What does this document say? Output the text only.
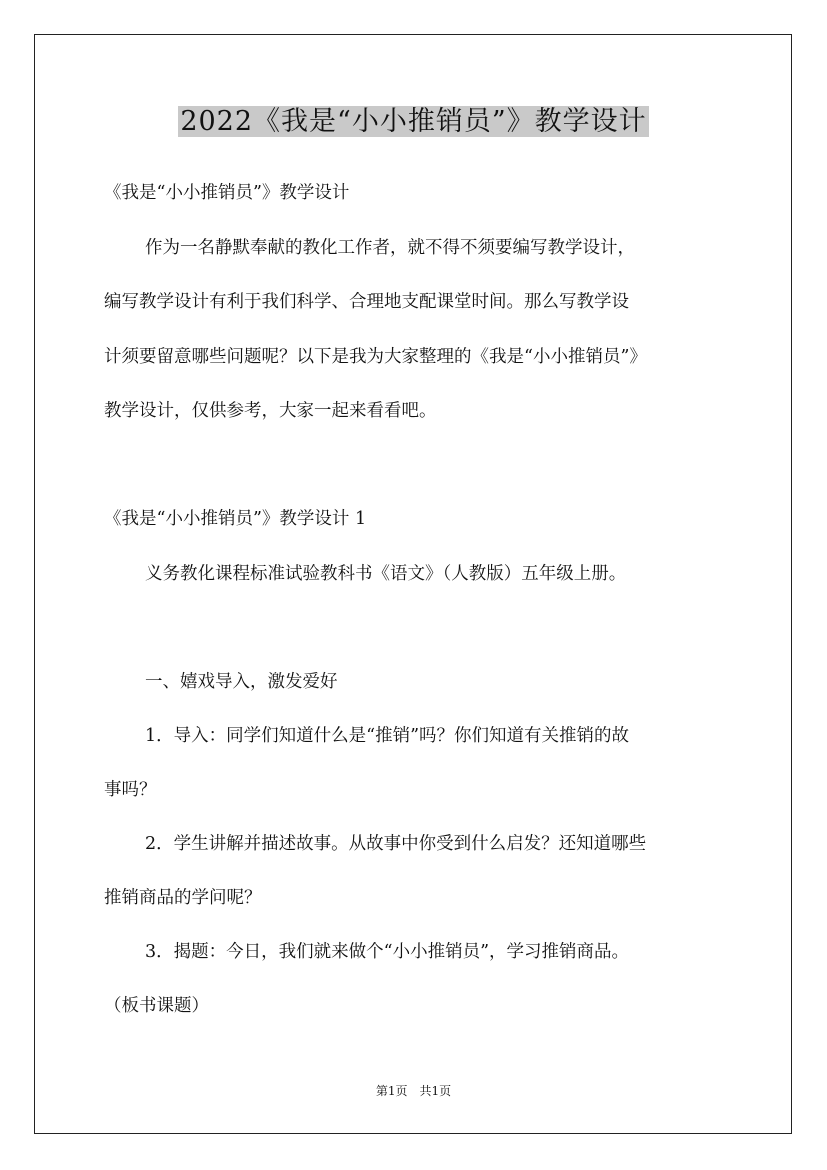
2022《我是“小小推销员”》教学设计

《我是“小小推销员”》教学设计

作为一名静默奉献的教化工作者，就不得不须要编写教学设计，

编写教学设计有利于我们科学、合理地支配课堂时间。那么写教学设

计须要留意哪些问题呢？以下是我为大家整理的《我是“小小推销员”》

教学设计，仅供参考，大家一起来看看吧。

《我是“小小推销员”》教学设计 1

义务教化课程标准试验教科书《语文》（人教版）五年级上册。

一、嬉戏导入，激发爱好

1．导入：同学们知道什么是“推销”吗？你们知道有关推销的故

事吗？

2．学生讲解并描述故事。从故事中你受到什么启发？还知道哪些

推销商品的学问呢？

3．揭题：今日，我们就来做个“小小推销员”，学习推销商品。

（板书课题）

第1页　共1页
